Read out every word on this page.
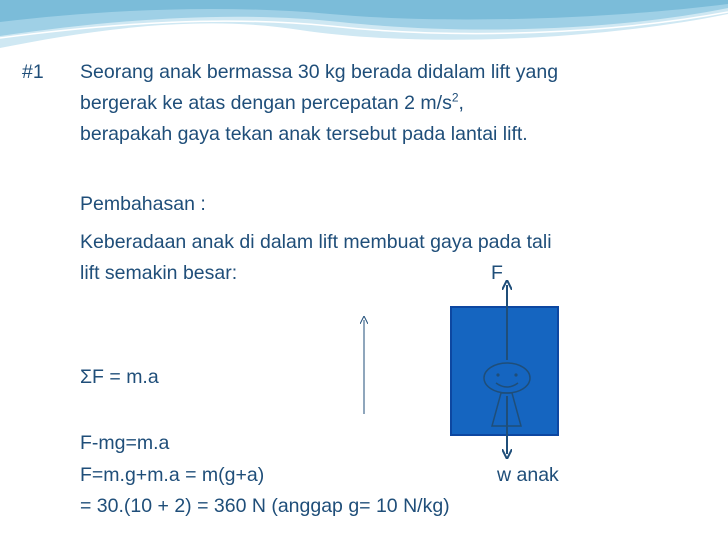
#1 Seorang anak bermassa 30 kg berada didalam lift yang
bergerak ke atas dengan percepatan 2 $m/s^2$,
berapakah gaya tekan anak tersebut pada lantai lift.
Pembahasan :
Keberadaan anak di dalam lift membuat gaya pada tali
lift semakin besar:	F
ΣF = m.a
F-mg=m.a
F=m.g+m.a = m(g+a)	w anak
= 30.(10 + 2) = 360 N (anggap g= 10 N/kg)
